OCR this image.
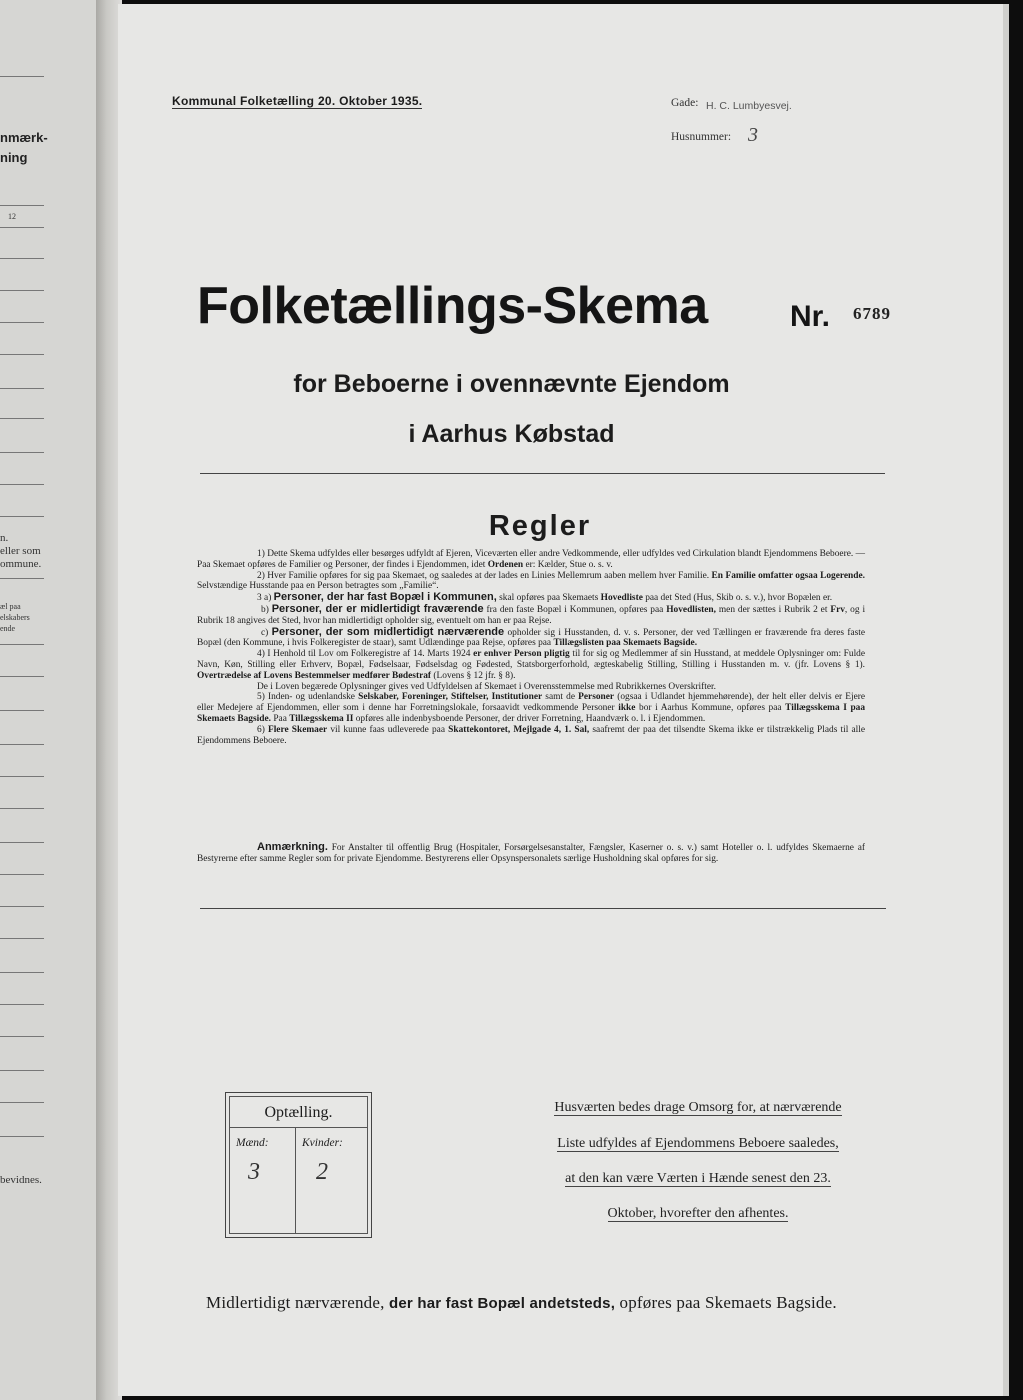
nmærk-
ning
12
n.
eller som
ommune.
æl paa
elskabers
ende
bevidnes.
Kommunal Folketælling 20. Oktober 1935.	Gade: H. C. Lumbyesvej.
Husnummer: 3
Folketællings-Skema	Nr. 6789
for Beboerne i ovennævnte Ejendom
i Aarhus Købstad
Regler

1) Dette Skema udfyldes eller besørges udfyldt af Ejeren, Viceværten eller andre Vedkommende, eller udfyldes ved Cirkulation blandt Ejendommens Beboere. — Paa Skemaet opføres de Familier og Personer, der findes i Ejendommen, idet Ordenen er: Kælder, Stue o. s. v.

2) Hver Familie opføres for sig paa Skemaet, og saaledes at der lades en Linies Mellemrum aaben mellem hver Familie. En Familie omfatter ogsaa Logerende. Selvstændige Husstande paa en Person betragtes som „Familie“.

3 a) Personer, der har fast Bopæl i Kommunen, skal opføres paa Skemaets Hovedliste paa det Sted (Hus, Skib o. s. v.), hvor Bopælen er.

b) Personer, der er midlertidigt fraværende fra den faste Bopæl i Kommunen, opføres paa Hovedlisten, men der sættes i Rubrik 2 et Frv, og i Rubrik 18 angives det Sted, hvor han midlertidigt opholder sig, eventuelt om han er paa Rejse.

c) Personer, der som midlertidigt nærværende opholder sig i Husstanden, d. v. s. Personer, der ved Tællingen er fraværende fra deres faste Bopæl (den Kommune, i hvis Folkeregister de staar), samt Udlændinge paa Rejse, opføres paa Tillægslisten paa Skemaets Bagside.

4) I Henhold til Lov om Folkeregistre af 14. Marts 1924 er enhver Person pligtig til for sig og Medlemmer af sin Husstand, at meddele Oplysninger om: Fulde Navn, Køn, Stilling eller Erhverv, Bopæl, Fødselsaar, Fødselsdag og Fødested, Statsborgerforhold, ægteskabelig Stilling, Stilling i Husstanden m. v. (jfr. Lovens § 1). Overtrædelse af Lovens Bestemmelser medfører Bødestraf (Lovens § 12 jfr. § 8).

De i Loven begærede Oplysninger gives ved Udfyldelsen af Skemaet i Overensstemmelse med Rubrikkernes Overskrifter.

5) Inden- og udenlandske Selskaber, Foreninger, Stiftelser, Institutioner samt de Personer (ogsaa i Udlandet hjemmehørende), der helt eller delvis er Ejere eller Medejere af Ejendommen, eller som i denne har Forretningslokale, forsaavidt vedkommende Personer ikke bor i Aarhus Kommune, opføres paa Tillægsskema I paa Skemaets Bagside. Paa Tillægsskema II opføres alle indenbysboende Personer, der driver Forretning, Haandværk o. l. i Ejendommen.

6) Flere Skemaer vil kunne faas udleverede paa Skattekontoret, Mejlgade 4, 1. Sal, saafremt der paa det tilsendte Skema ikke er tilstrækkelig Plads til alle Ejendommens Beboere.

Anmærkning. For Anstalter til offentlig Brug (Hospitaler, Forsørgelsesanstalter, Fængsler, Kaserner o. s. v.) samt Hoteller o. l. udfyldes Skemaerne af Bestyrerne efter samme Regler som for private Ejendomme. Bestyrerens eller Opsynspersonalets særlige Husholdning skal opføres for sig.
Optælling.
Mænd:	Kvinder:
3 2
Husværten bedes drage Omsorg for, at nærværende
Liste udfyldes af Ejendommens Beboere saaledes,
at den kan være Værten i Hænde senest den 23.
Oktober, hvorefter den afhentes.
Midlertidigt nærværende, der har fast Bopæl andetsteds, opføres paa Skemaets Bagside.
